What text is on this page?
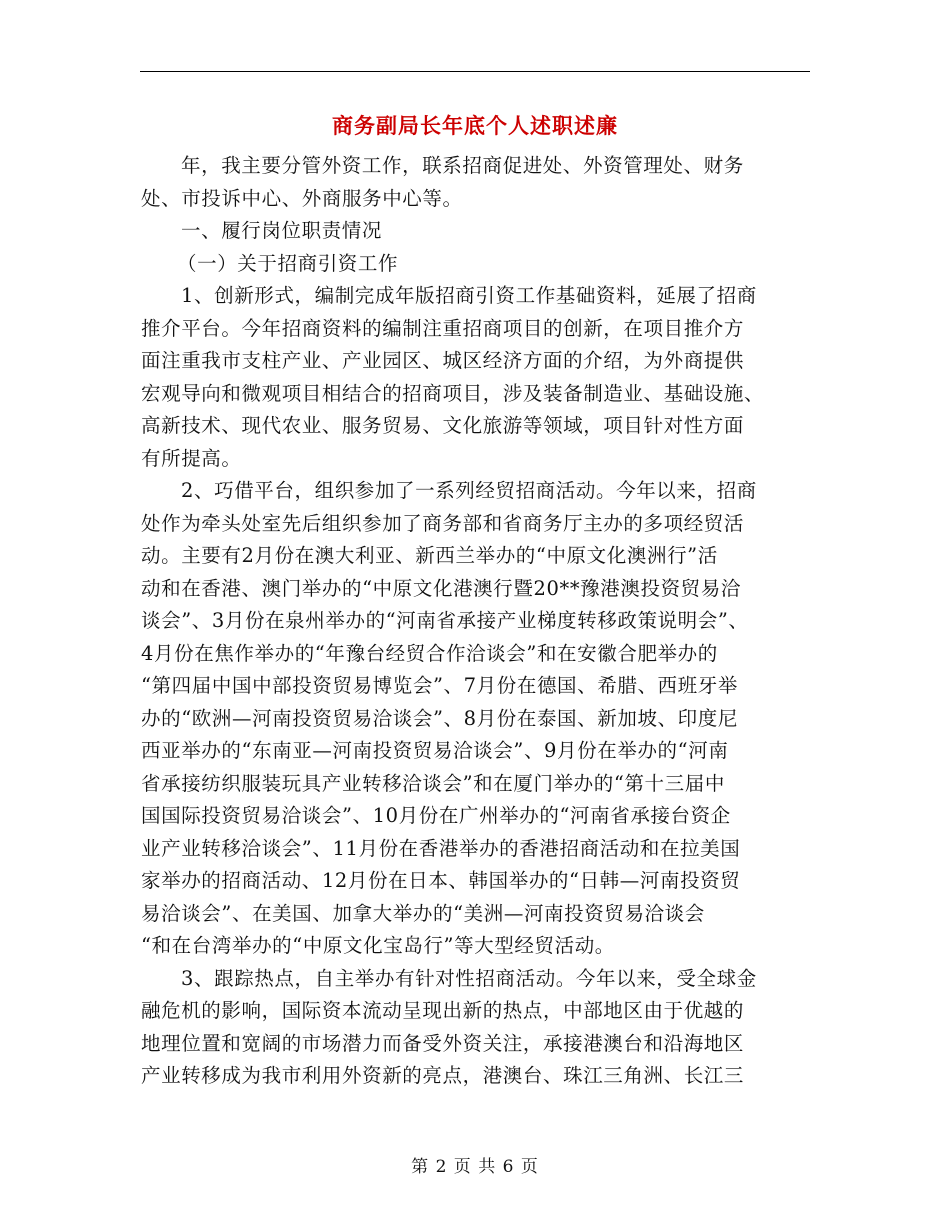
商务副局长年底个人述职述廉
年，我主要分管外资工作，联系招商促进处、外资管理处、财务
处、市投诉中心、外商服务中心等。
一、履行岗位职责情况
（一）关于招商引资工作
1、创新形式，编制完成年版招商引资工作基础资料，延展了招商
推介平台。今年招商资料的编制注重招商项目的创新，在项目推介方
面注重我市支柱产业、产业园区、城区经济方面的介绍，为外商提供
宏观导向和微观项目相结合的招商项目，涉及装备制造业、基础设施、
高新技术、现代农业、服务贸易、文化旅游等领域，项目针对性方面
有所提高。
2、巧借平台，组织参加了一系列经贸招商活动。今年以来，招商
处作为牵头处室先后组织参加了商务部和省商务厅主办的多项经贸活
动。主要有2月份在澳大利亚、新西兰举办的“中原文化澳洲行”活
动和在香港、澳门举办的“中原文化港澳行暨20**豫港澳投资贸易洽
谈会”、3月份在泉州举办的“河南省承接产业梯度转移政策说明会”、
4月份在焦作举办的“年豫台经贸合作洽谈会”和在安徽合肥举办的
“第四届中国中部投资贸易博览会”、7月份在德国、希腊、西班牙举
办的“欧洲—河南投资贸易洽谈会”、8月份在泰国、新加坡、印度尼
西亚举办的“东南亚—河南投资贸易洽谈会”、9月份在举办的“河南
省承接纺织服装玩具产业转移洽谈会”和在厦门举办的“第十三届中
国国际投资贸易洽谈会”、10月份在广州举办的“河南省承接台资企
业产业转移洽谈会”、11月份在香港举办的香港招商活动和在拉美国
家举办的招商活动、12月份在日本、韩国举办的“日韩—河南投资贸
易洽谈会”、在美国、加拿大举办的“美洲—河南投资贸易洽谈会
“和在台湾举办的“中原文化宝岛行”等大型经贸活动。
3、跟踪热点，自主举办有针对性招商活动。今年以来，受全球金
融危机的影响，国际资本流动呈现出新的热点，中部地区由于优越的
地理位置和宽阔的市场潜力而备受外资关注，承接港澳台和沿海地区
产业转移成为我市利用外资新的亮点，港澳台、珠江三角洲、长江三
第 2 页 共 6 页
